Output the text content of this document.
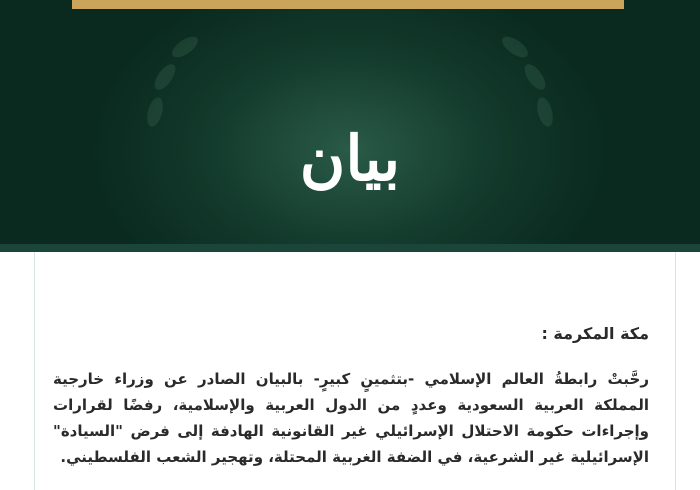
بيان
مكة المكرمة :
رحَّبتْ رابطةُ العالم الإسلامي -بتثمينٍ كبيرٍ- بالبيان الصادر عن وزراء خارجية المملكة العربية السعودية وعددٍ من الدول العربية والإسلامية، رفضًا لقرارات وإجراءات حكومة الاحتلال الإسرائيلي غير القانونية الهادفة إلى فرض "السيادة" الإسرائيلية غير الشرعية، في الضفة الغربية المحتلة، وتهجير الشعب الفلسطيني.
